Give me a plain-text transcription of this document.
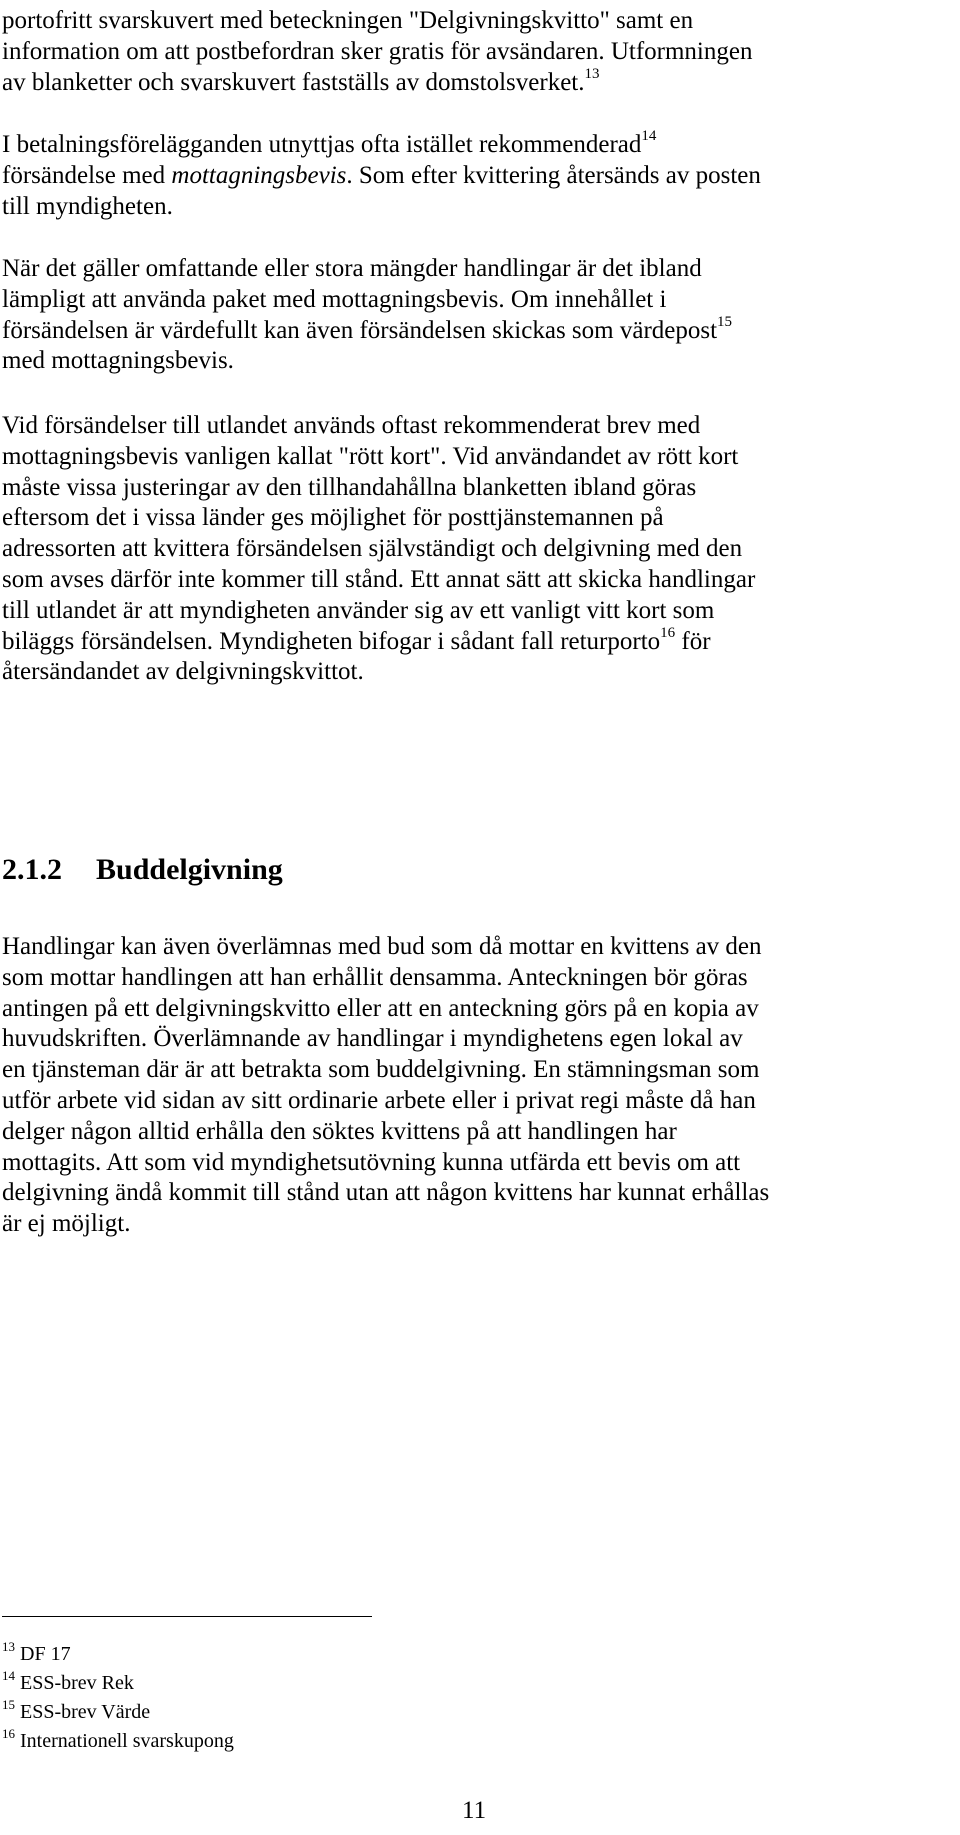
portofritt svarskuvert med beteckningen "Delgivningskvitto" samt en
information om att postbefordran sker gratis för avsändaren. Utformningen
av blanketter och svarskuvert fastställs av domstolsverket.$^{13}$

I betalningsförelägganden utnyttjas ofta istället rekommenderad$^{14}$
försändelse med mottagningsbevis. Som efter kvittering återsänds av posten
till myndigheten.

När det gäller omfattande eller stora mängder handlingar är det ibland
lämpligt att använda paket med mottagningsbevis. Om innehållet i
försändelsen är värdefullt kan även försändelsen skickas som värdepost$^{15}$
med mottagningsbevis.

Vid försändelser till utlandet används oftast rekommenderat brev med
mottagningsbevis vanligen kallat "rött kort". Vid användandet av rött kort
måste vissa justeringar av den tillhandahållna blanketten ibland göras
eftersom det i vissa länder ges möjlighet för posttjänstemannen på
adressorten att kvittera försändelsen självständigt och delgivning med den
som avses därför inte kommer till stånd. Ett annat sätt att skicka handlingar
till utlandet är att myndigheten använder sig av ett vanligt vitt kort som
biläggs försändelsen. Myndigheten bifogar i sådant fall returporto$^{16}$ för
återsändandet av delgivningskvittot.

2.1.2 Buddelgivning

Handlingar kan även överlämnas med bud som då mottar en kvittens av den
som mottar handlingen att han erhållit densamma. Anteckningen bör göras
antingen på ett delgivningskvitto eller att en anteckning görs på en kopia av
huvudskriften. Överlämnande av handlingar i myndighetens egen lokal av
en tjänsteman där är att betrakta som buddelgivning. En stämningsman som
utför arbete vid sidan av sitt ordinarie arbete eller i privat regi måste då han
delger någon alltid erhålla den söktes kvittens på att handlingen har
mottagits. Att som vid myndighetsutövning kunna utfärda ett bevis om att
delgivning ändå kommit till stånd utan att någon kvittens har kunnat erhållas
är ej möjligt.

$^{13}$ DF 17
$^{14}$ ESS-brev Rek
$^{15}$ ESS-brev Värde
$^{16}$ Internationell svarskupong
11
